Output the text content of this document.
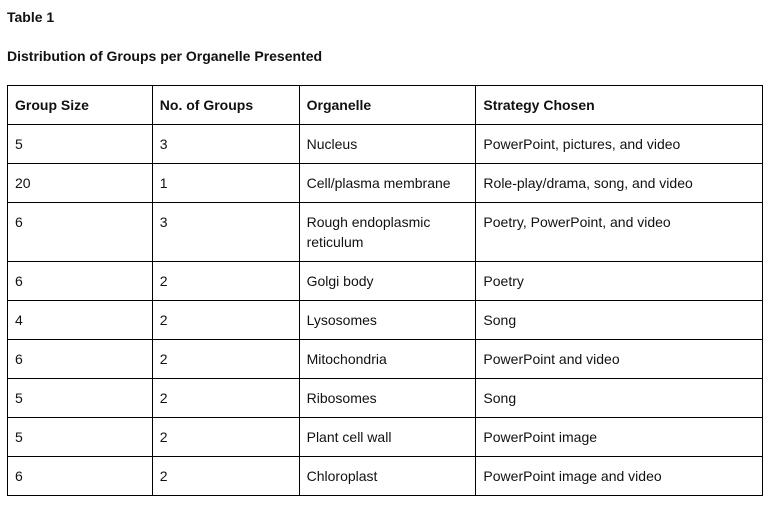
Table 1

Distribution of Groups per Organelle Presented

Group Size	No. of Groups	Organelle	Strategy Chosen
5	3	Nucleus	PowerPoint, pictures, and video
20	1	Cell/plasma membrane	Role-play/drama, song, and video
6	3	Rough endoplasmic reticulum	Poetry, PowerPoint, and video
6	2	Golgi body	Poetry
4	2	Lysosomes	Song
6	2	Mitochondria	PowerPoint and video
5	2	Ribosomes	Song
5	2	Plant cell wall	PowerPoint image
6	2	Chloroplast	PowerPoint image and video
